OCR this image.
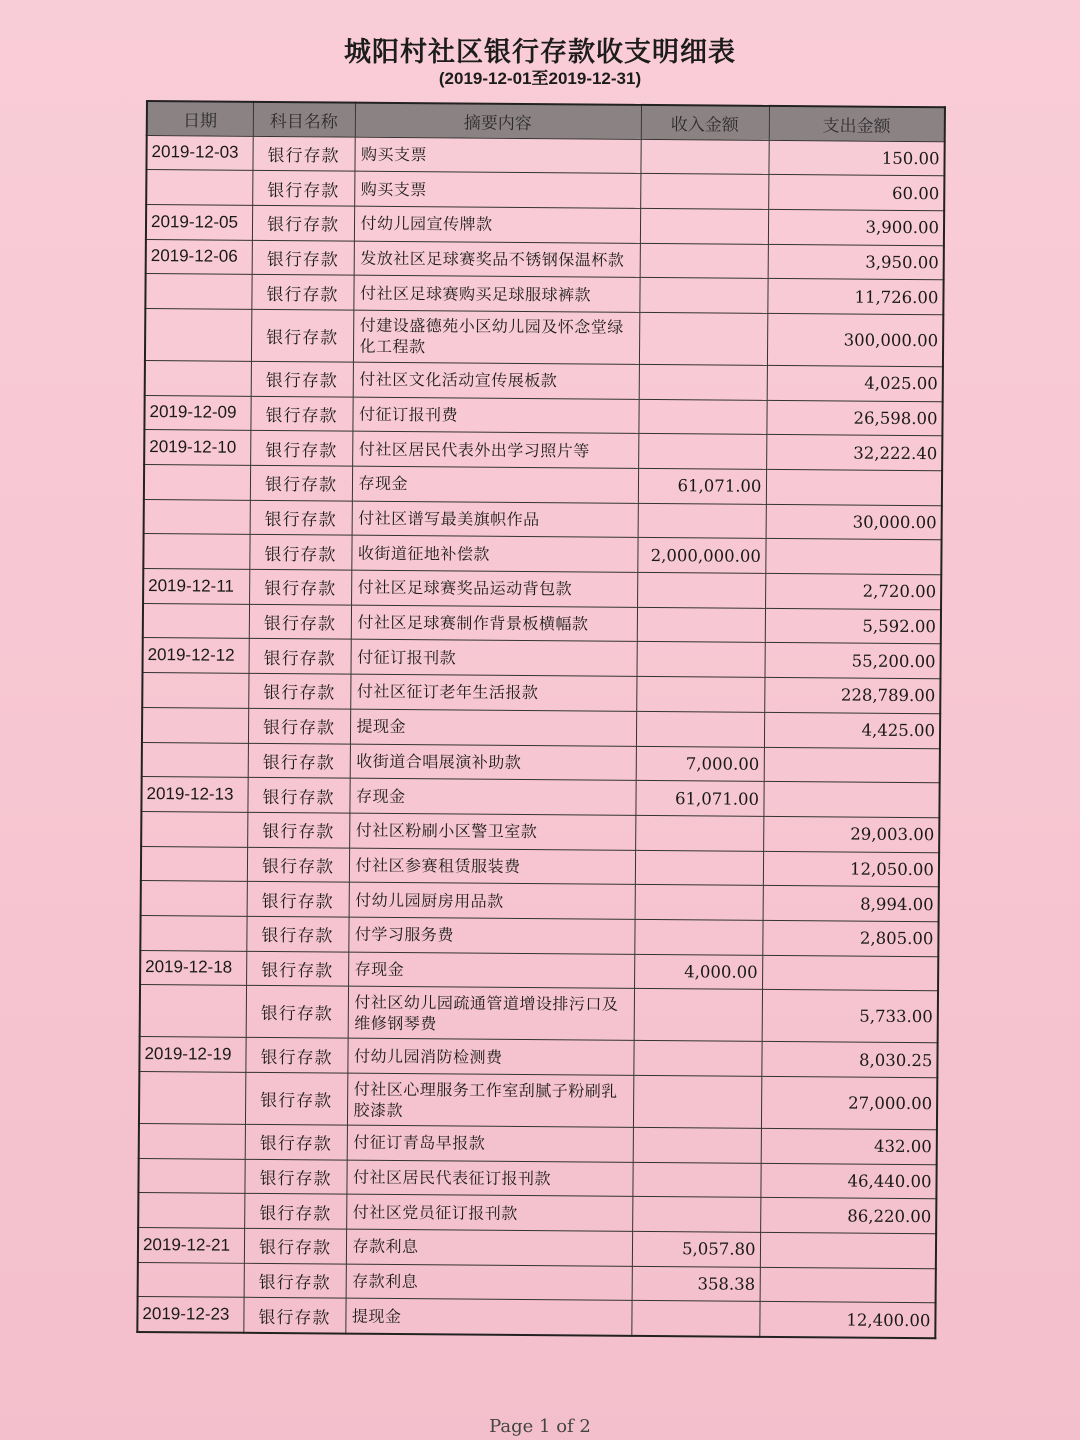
城阳村社区银行存款收支明细表
(2019-12-01至2019-12-31)
日期	科目名称	摘要内容	收入金额	支出金额
2019-12-03	银行存款	购买支票		150.00
	银行存款	购买支票		60.00
2019-12-05	银行存款	付幼儿园宣传牌款		3,900.00
2019-12-06	银行存款	发放社区足球赛奖品不锈钢保温杯款		3,950.00
	银行存款	付社区足球赛购买足球服球裤款		11,726.00
	银行存款	付建设盛德苑小区幼儿园及怀念堂绿化工程款		300,000.00
	银行存款	付社区文化活动宣传展板款		4,025.00
2019-12-09	银行存款	付征订报刊费		26,598.00
2019-12-10	银行存款	付社区居民代表外出学习照片等		32,222.40
	银行存款	存现金	61,071.00	
	银行存款	付社区谱写最美旗帜作品		30,000.00
	银行存款	收街道征地补偿款	2,000,000.00	
2019-12-11	银行存款	付社区足球赛奖品运动背包款		2,720.00
	银行存款	付社区足球赛制作背景板横幅款		5,592.00
2019-12-12	银行存款	付征订报刊款		55,200.00
	银行存款	付社区征订老年生活报款		228,789.00
	银行存款	提现金		4,425.00
	银行存款	收街道合唱展演补助款	7,000.00	
2019-12-13	银行存款	存现金	61,071.00	
	银行存款	付社区粉刷小区警卫室款		29,003.00
	银行存款	付社区参赛租赁服装费		12,050.00
	银行存款	付幼儿园厨房用品款		8,994.00
	银行存款	付学习服务费		2,805.00
2019-12-18	银行存款	存现金	4,000.00	
	银行存款	付社区幼儿园疏通管道增设排污口及维修钢琴费		5,733.00
2019-12-19	银行存款	付幼儿园消防检测费		8,030.25
	银行存款	付社区心理服务工作室刮腻子粉刷乳胶漆款		27,000.00
	银行存款	付征订青岛早报款		432.00
	银行存款	付社区居民代表征订报刊款		46,440.00
	银行存款	付社区党员征订报刊款		86,220.00
2019-12-21	银行存款	存款利息	5,057.80	
	银行存款	存款利息	358.38	
2019-12-23	银行存款	提现金		12,400.00
Page 1 of 2
